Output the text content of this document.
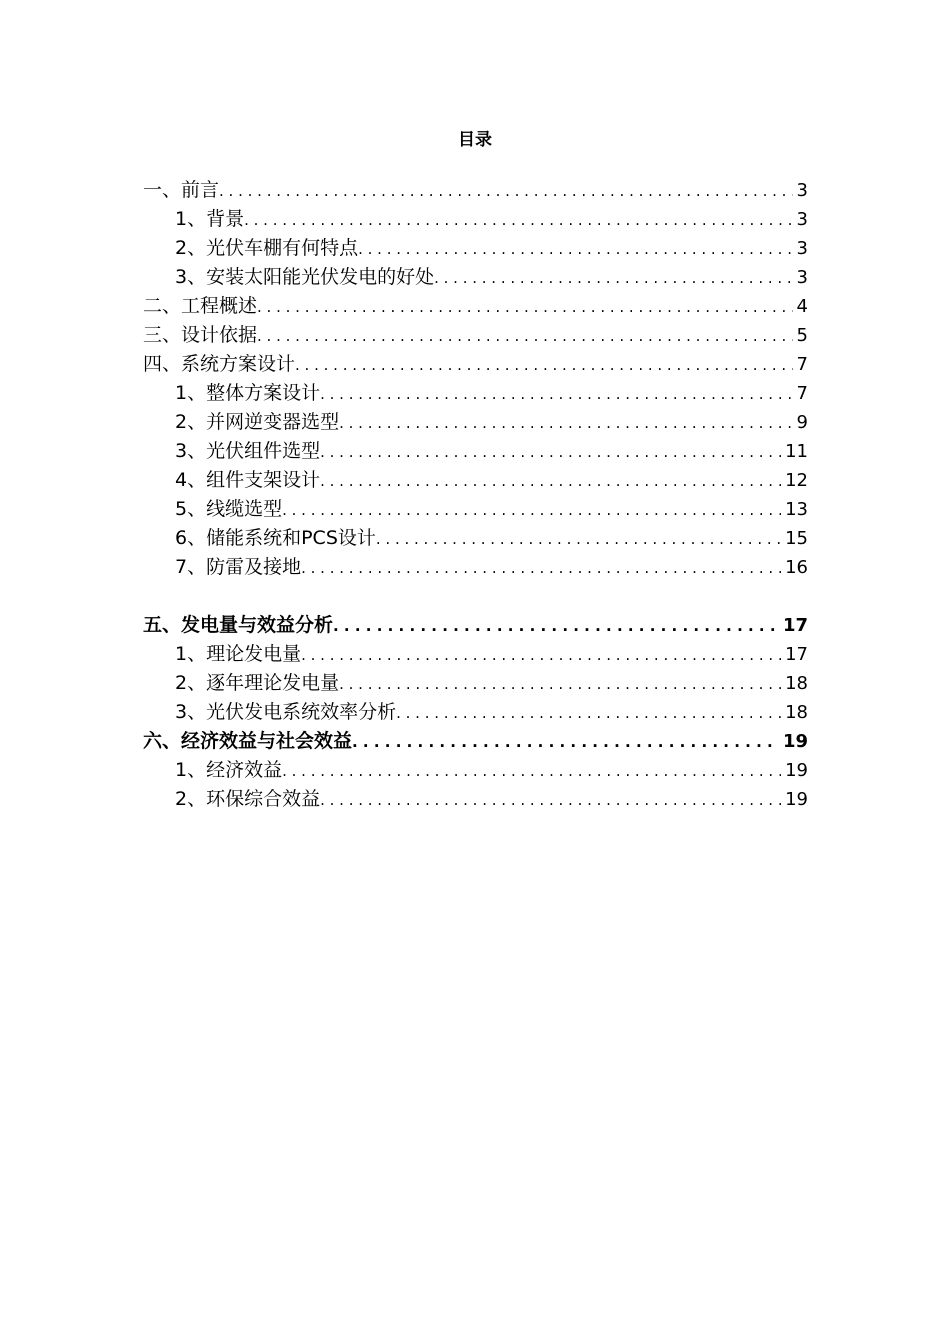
目录
一、前言 . . .	3
1、背景 . . .	3
2、光伏车棚有何特点 . . .	3
3、安装太阳能光伏发电的好处 . . .	3
二、工程概述 . . .	4
三、设计依据 . . .	5
四、系统方案设计 . . .	7
1、整体方案设计 . . .	7
2、并网逆变器选型 . . .	9
3、光伏组件选型 . . .	11
4、组件支架设计 . . .	12
5、线缆选型 . . .	13
6、储能系统和PCS设计 . . .	15
7、防雷及接地 . . .	16
五、发电量与效益分析 . . .	17
1、理论发电量 . . .	17
2、逐年理论发电量 . . .	18
3、光伏发电系统效率分析 . . .	18
六、经济效益与社会效益 . . .	19
1、经济效益 . . .	19
2、环保综合效益 . . .	19
